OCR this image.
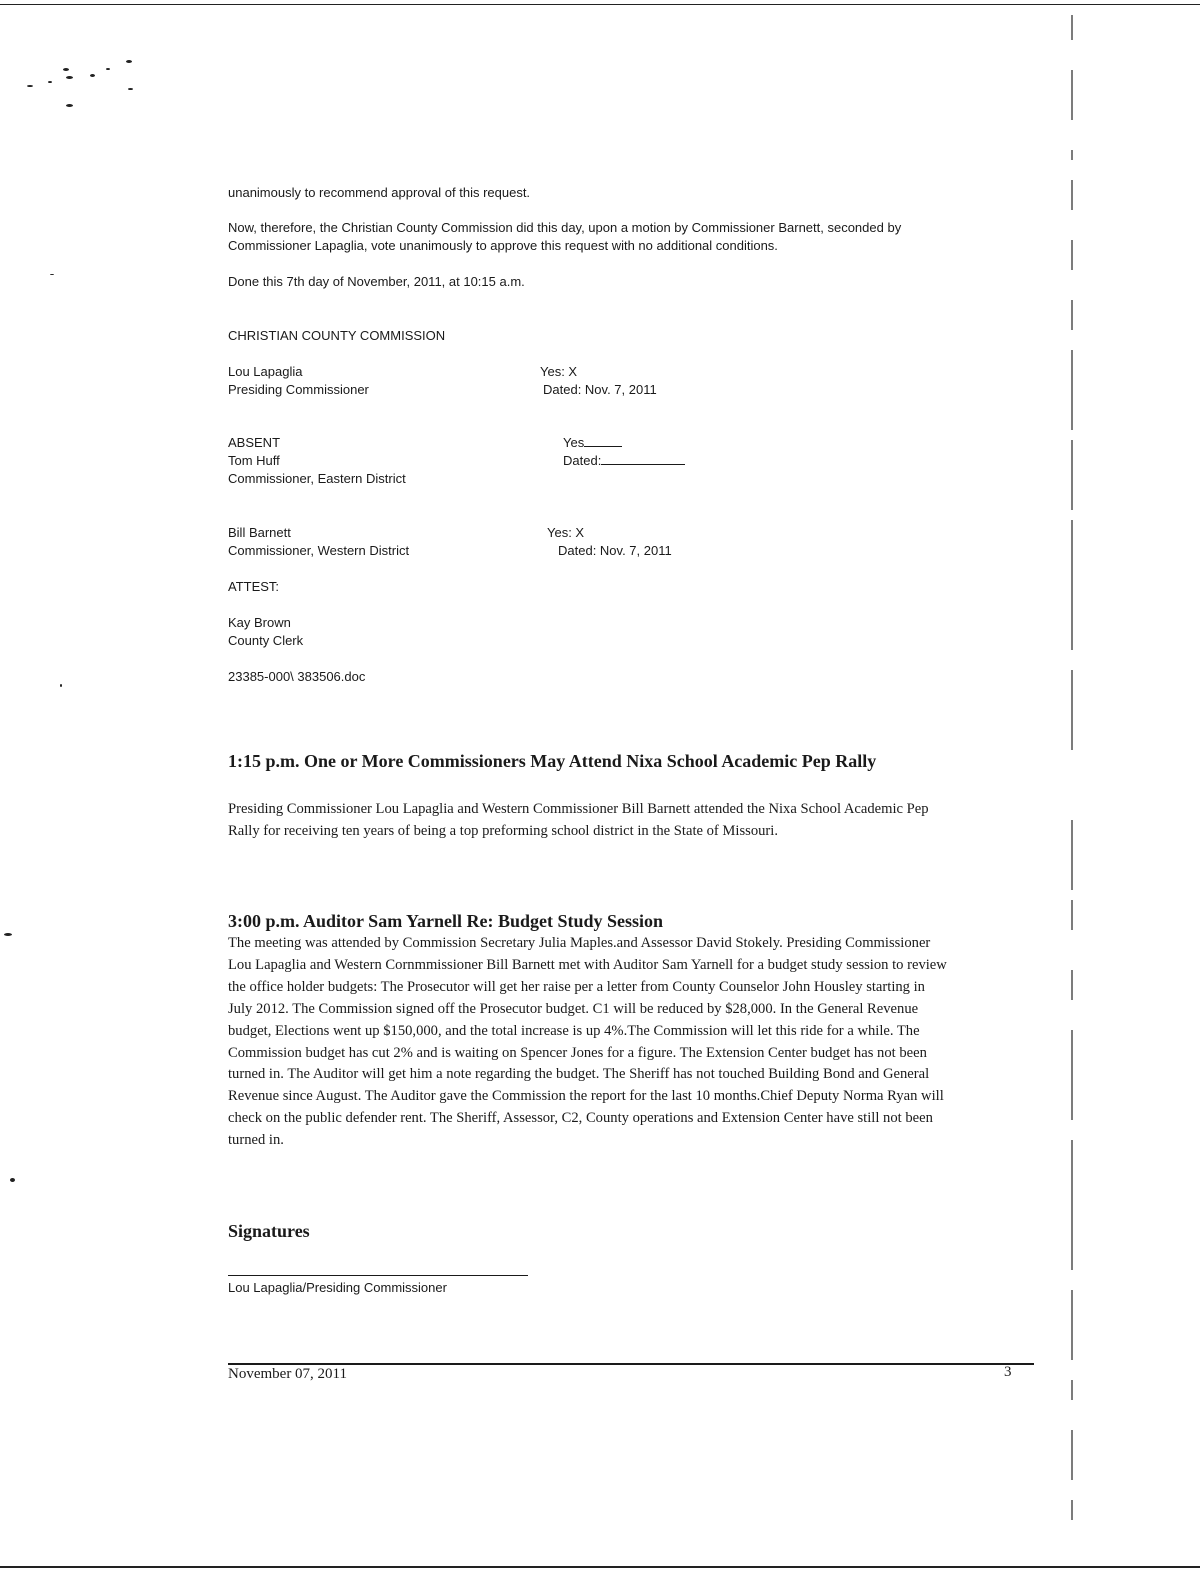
unanimously to recommend approval of this request.
Now, therefore, the Christian County Commission did this day, upon a motion by Commissioner Barnett, seconded by Commissioner Lapaglia, vote unanimously to approve this request with no additional conditions.
Done this 7th day of November, 2011, at 10:15 a.m.
CHRISTIAN COUNTY COMMISSION
Lou Lapaglia
Presiding Commissioner
Yes: X
Dated: Nov. 7, 2011
ABSENT
Tom Huff
Commissioner, Eastern District
Yes
Dated:
Bill Barnett
Commissioner, Western District
Yes: X
Dated: Nov. 7, 2011
ATTEST:
Kay Brown
County Clerk
23385-000\ 383506.doc
1:15 p.m. One or More Commissioners May Attend Nixa School Academic Pep Rally
Presiding Commissioner Lou Lapaglia and Western Commissioner Bill Barnett attended the Nixa School Academic Pep Rally for receiving ten years of being a top preforming school district in the State of Missouri.
3:00 p.m. Auditor Sam Yarnell Re: Budget Study Session
The meeting was attended by Commission Secretary Julia Maples.and Assessor David Stokely. Presiding Commissioner Lou Lapaglia and Western Cornmmissioner Bill Barnett met with Auditor Sam Yarnell for a budget study session to review the office holder budgets: The Prosecutor will get her raise per a letter from County Counselor John Housley starting in July 2012. The Commission signed off the Prosecutor budget. C1 will be reduced by $28,000. In the General Revenue budget, Elections went up $150,000, and the total increase is up 4%.The Commission will let this ride for a while. The Commission budget has cut 2% and is waiting on Spencer Jones for a figure. The Extension Center budget has not been turned in. The Auditor will get him a note regarding the budget. The Sheriff has not touched Building Bond and General Revenue since August. The Auditor gave the Commission the report for the last 10 months.Chief Deputy Norma Ryan will check on the public defender rent. The Sheriff, Assessor, C2, County operations and Extension Center have still not been turned in.
Signatures
Lou Lapaglia/Presiding Commissioner
November 07, 2011	3
